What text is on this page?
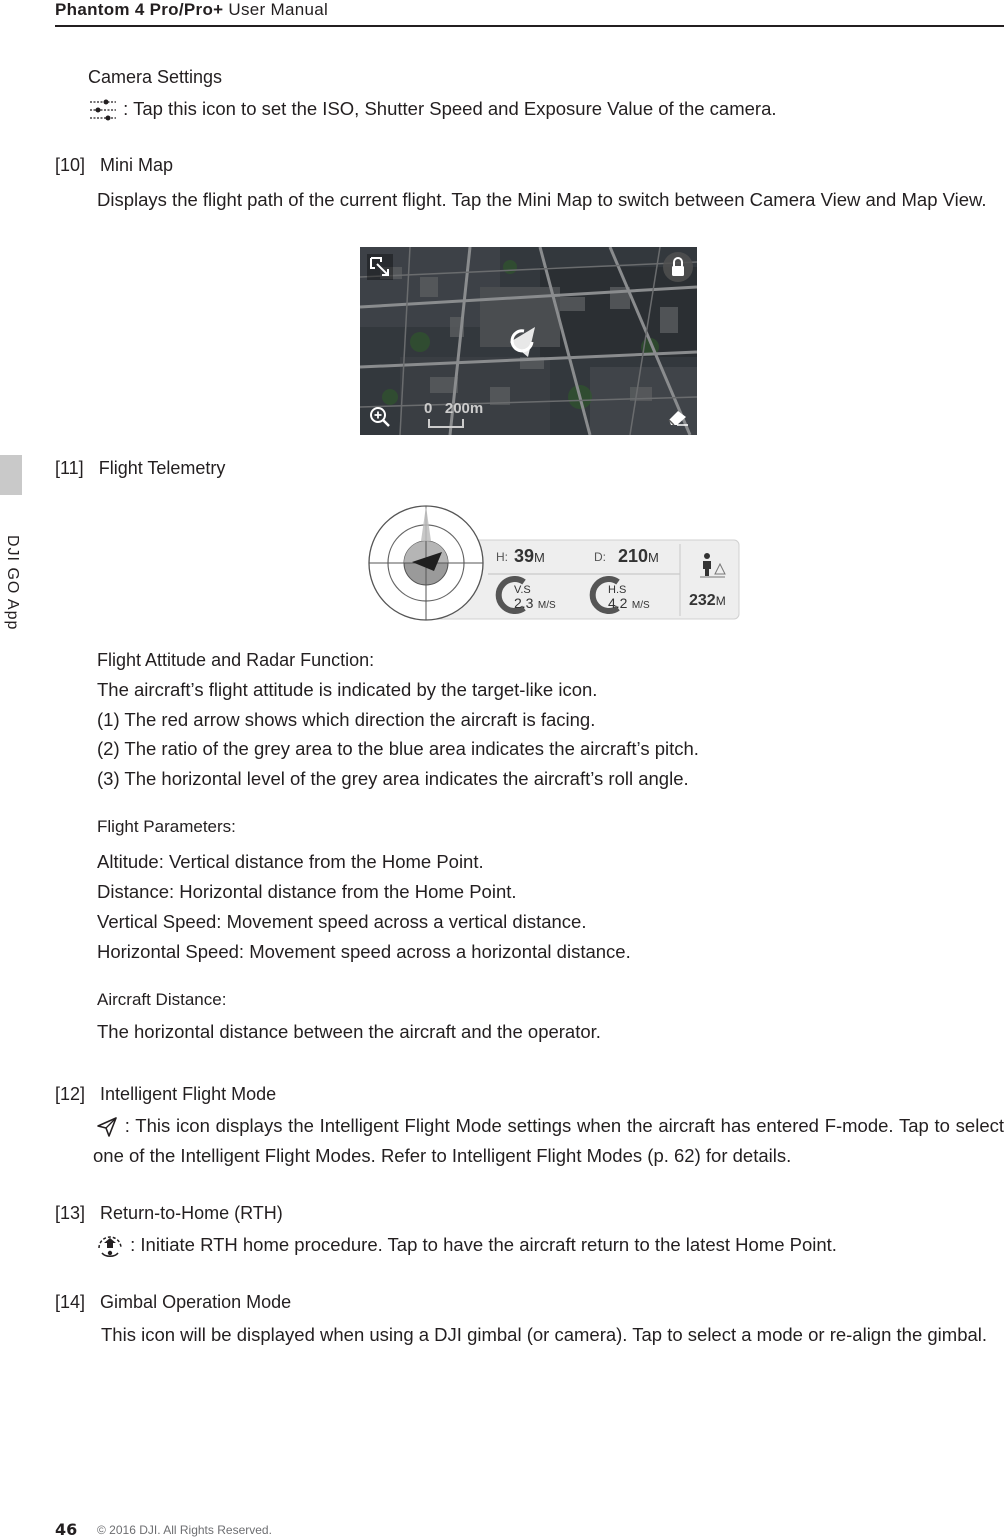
Phantom 4 Pro/Pro+ User Manual
DJI GO App
Camera Settings
: Tap this icon to set the ISO, Shutter Speed and Exposure Value of the camera.
[10] Mini Map
Displays the flight path of the current flight. Tap the Mini Map to switch between Camera View and Map View.
0 200m
[11] Flight Telemetry
H: 39M	D: 210M
V.S
2.3 M/S
H.S
4.2 M/S 232M
Flight Attitude and Radar Function:
The aircraft’s flight attitude is indicated by the target-like icon.
(1) The red arrow shows which direction the aircraft is facing.
(2) The ratio of the grey area to the blue area indicates the aircraft’s pitch.
(3) The horizontal level of the grey area indicates the aircraft’s roll angle.
Flight Parameters:
Altitude: Vertical distance from the Home Point.
Distance: Horizontal distance from the Home Point.
Vertical Speed: Movement speed across a vertical distance.
Horizontal Speed: Movement speed across a horizontal distance.
Aircraft Distance:
The horizontal distance between the aircraft and the operator.
[12] Intelligent Flight Mode
: This icon displays the Intelligent Flight Mode settings when the aircraft has entered F-mode. Tap to select one of the Intelligent Flight Modes. Refer to Intelligent Flight Modes (p. 62) for details.
[13] Return-to-Home (RTH)
: Initiate RTH home procedure. Tap to have the aircraft return to the latest Home Point.
[14] Gimbal Operation Mode
This icon will be displayed when using a DJI gimbal (or camera). Tap to select a mode or re-align the gimbal.
46 © 2016 DJI. All Rights Reserved.
